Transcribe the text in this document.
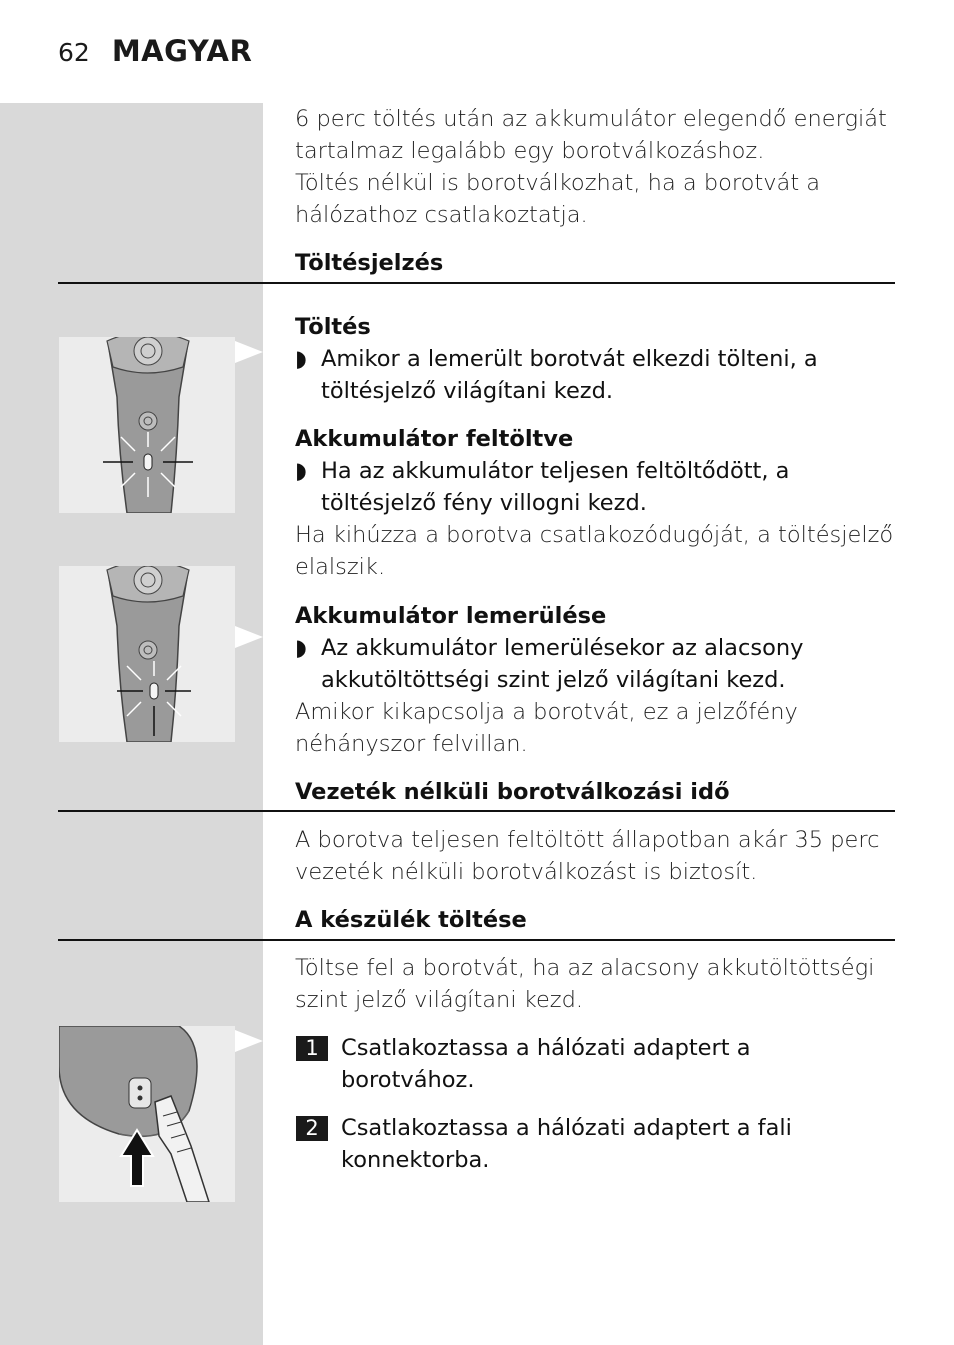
62 MAGYAR

6 perc töltés után az akkumulátor elegendő energiát

tartalmaz legalább egy borotválkozáshoz.

Töltés nélkül is borotválkozhat, ha a borotvát a

hálózathoz csatlakoztatja.

Töltésjelzés
Töltés
◗ Amikor a lemerült borotvát elkezdi tölteni, a
töltésjelző világítani kezd.
Akkumulátor feltöltve
◗ Ha az akkumulátor teljesen feltöltődött, a
töltésjelző fény villogni kezd.

Ha kihúzza a borotva csatlakozódugóját, a töltésjelző

elalszik.

Akkumulátor lemerülése
◗ Az akkumulátor lemerülésekor az alacsony
akkutöltöttségi szint jelző világítani kezd.

Amikor kikapcsolja a borotvát, ez a jelzőfény

néhányszor felvillan.

Vezeték nélküli borotválkozási idő

A borotva teljesen feltöltött állapotban akár 35 perc

vezeték nélküli borotválkozást is biztosít.

A készülék töltése

Töltse fel a borotvát, ha az alacsony akkutöltöttségi

szint jelző világítani kezd.

1 Csatlakoztassa a hálózati adaptert a
borotvához.
2 Csatlakoztassa a hálózati adaptert a fali
konnektorba.
